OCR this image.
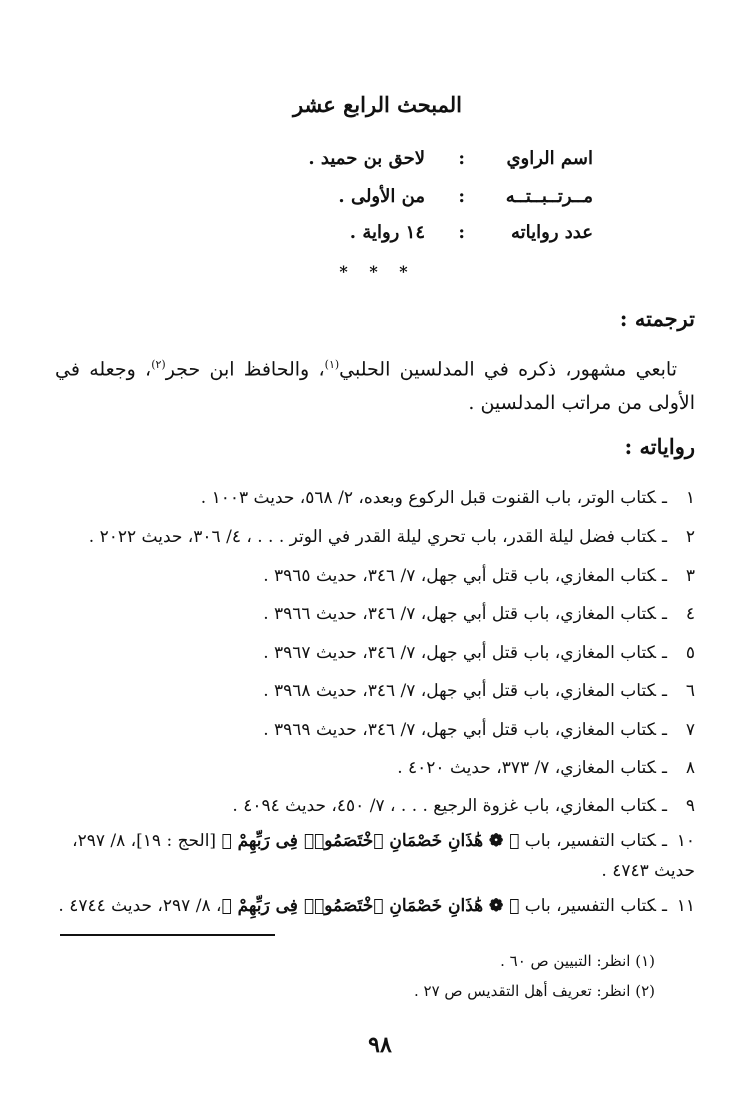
المبحث الرابع عشر
اسم الراوي
:
لاحق بن حميد .
مــرتــبــتــه
:
من الأولى .
عدد رواياته
:
١٤ رواية .
* * *
ترجمته :
تابعي مشهور، ذكره في المدلسين الحلبي$^{(١)}$، والحافظ ابن حجر$^{(٢)}$، وجعله في الأولى من مراتب المدلسين .
رواياته :
١ـكتاب الوتر، باب القنوت قبل الركوع وبعده، ٢/ ٥٦٨، حديث ١٠٠٣ .
٢ـكتاب فضل ليلة القدر، باب تحري ليلة القدر في الوتر . . . ، ٤/ ٣٠٦، حديث ٢٠٢٢ .
٣ـكتاب المغازي، باب قتل أبي جهل، ٧/ ٣٤٦، حديث ٣٩٦٥ .
٤ـكتاب المغازي، باب قتل أبي جهل، ٧/ ٣٤٦، حديث ٣٩٦٦ .
٥ـكتاب المغازي، باب قتل أبي جهل، ٧/ ٣٤٦، حديث ٣٩٦٧ .
٦ـكتاب المغازي، باب قتل أبي جهل، ٧/ ٣٤٦، حديث ٣٩٦٨ .
٧ـكتاب المغازي، باب قتل أبي جهل، ٧/ ٣٤٦، حديث ٣٩٦٩ .
٨ـكتاب المغازي، ٧/ ٣٧٣، حديث ٤٠٢٠ .
٩ـكتاب المغازي، باب غزوة الرجيع . . . ، ٧/ ٤٥٠، حديث ٤٠٩٤ .
١٠ـكتاب التفسير، باب ﴿ ❁ هَٰذَانِ خَصْمَانِ ٱخْتَصَمُوا۟ فِى رَبِّهِمْ ﴾ [الحج : ١٩]، ٨/ ٢٩٧، حديث ٤٧٤٣ .
١١ـكتاب التفسير، باب ﴿ ❁ هَٰذَانِ خَصْمَانِ ٱخْتَصَمُوا۟ فِى رَبِّهِمْ ﴾، ٨/ ٢٩٧، حديث ٤٧٤٤ .
(١) انظر: التبيين ص ٦٠ .
(٢) انظر: تعريف أهل التقديس ص ٢٧ .
٩٨
